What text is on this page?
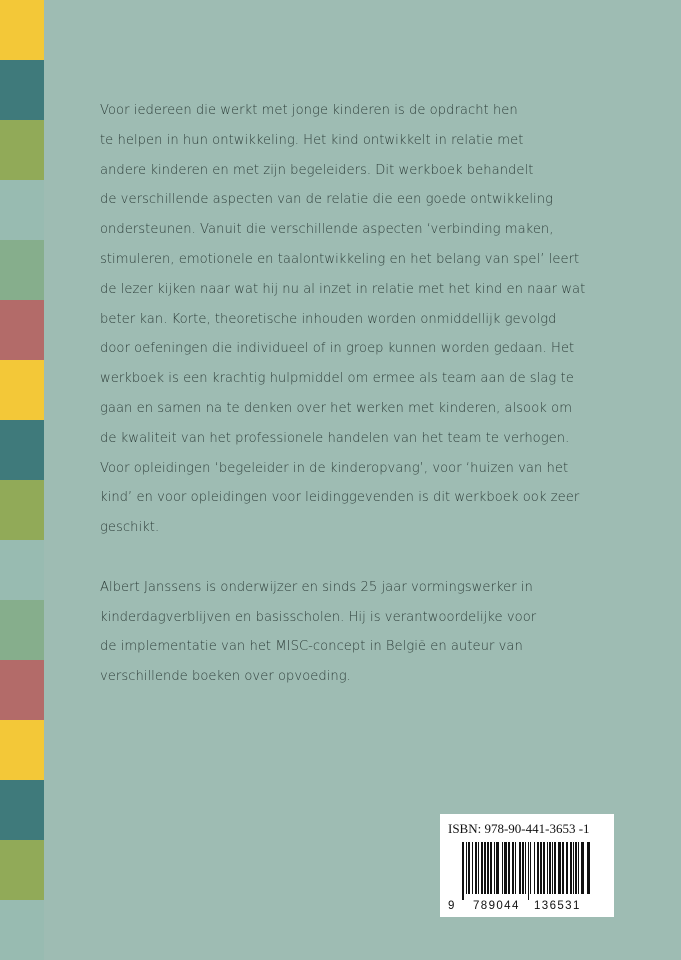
Voor iedereen die werkt met jonge kinderen is de opdracht hen
te helpen in hun ontwikkeling. Het kind ontwikkelt in relatie met
andere kinderen en met zijn begeleiders. Dit werkboek behandelt
de verschillende aspecten van de relatie die een goede ontwikkeling
ondersteunen. Vanuit die verschillende aspecten ‘verbinding maken,
stimuleren, emotionele en taalontwikkeling en het belang van spel’ leert
de lezer kijken naar wat hij nu al inzet in relatie met het kind en naar wat
beter kan. Korte, theoretische inhouden worden onmiddellijk gevolgd
door oefeningen die individueel of in groep kunnen worden gedaan. Het
werkboek is een krachtig hulpmiddel om ermee als team aan de slag te
gaan en samen na te denken over het werken met kinderen, alsook om
de kwaliteit van het professionele handelen van het team te verhogen.
Voor opleidingen ‘begeleider in de kinderopvang’, voor ‘huizen van het
kind’ en voor opleidingen voor leidinggevenden is dit werkboek ook zeer
geschikt.
Albert Janssens is onderwijzer en sinds 25 jaar vormingswerker in
kinderdagverblijven en basisscholen. Hij is verantwoordelijke voor
de implementatie van het MISC-concept in België en auteur van
verschillende boeken over opvoeding.
ISBN: 978-90-441-3653 -1
9 789044 136531
